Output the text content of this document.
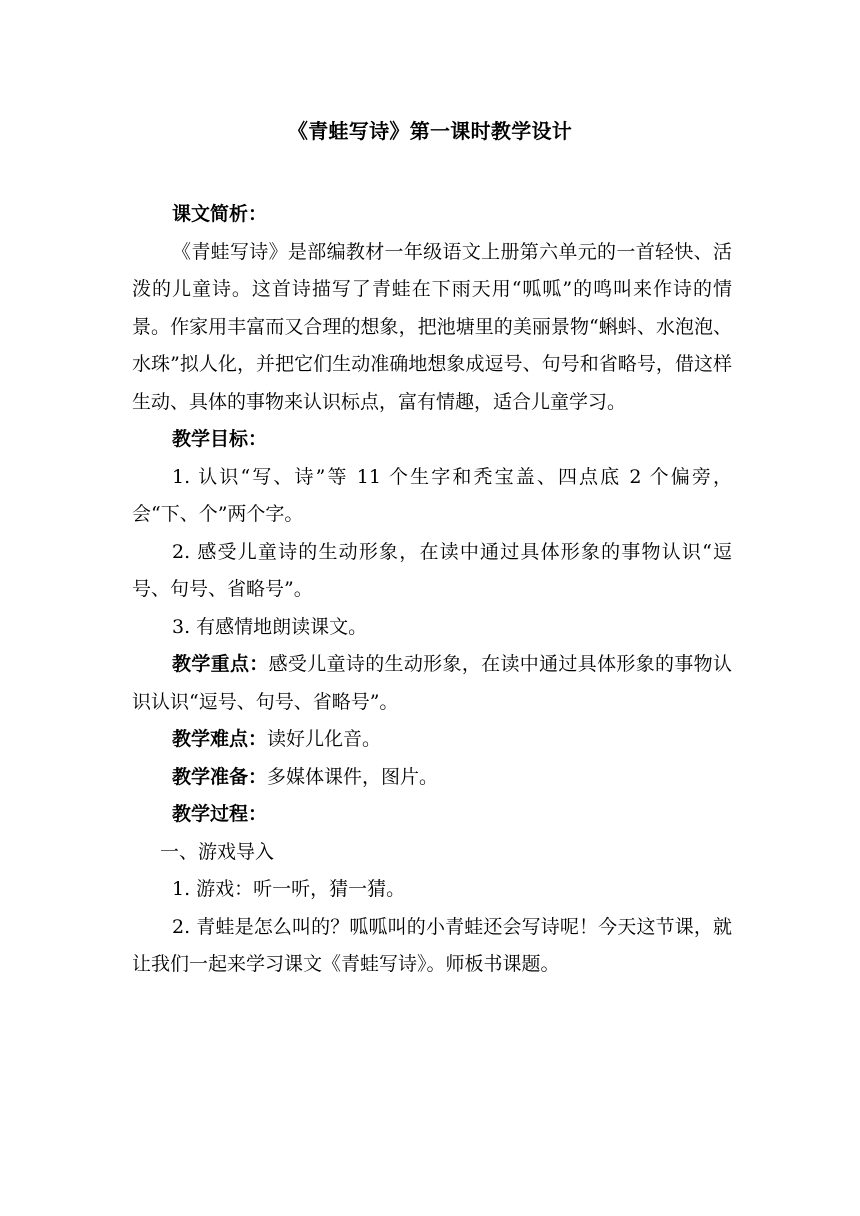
《青蛙写诗》第一课时教学设计

课文简析：

《青蛙写诗》是部编教材一年级语文上册第六单元的一首轻快、活泼的儿童诗。这首诗描写了青蛙在下雨天用“呱呱”的鸣叫来作诗的情景。作家用丰富而又合理的想象，把池塘里的美丽景物“蝌蚪、水泡泡、水珠”拟人化，并把它们生动准确地想象成逗号、句号和省略号，借这样生动、具体的事物来认识标点，富有情趣，适合儿童学习。

教学目标：

1. 认识“写、诗”等 11 个生字和秃宝盖、四点底 2 个偏旁，会“下、个”两个字。

2. 感受儿童诗的生动形象，在读中通过具体形象的事物认识“逗号、句号、省略号”。

3. 有感情地朗读课文。

教学重点：感受儿童诗的生动形象，在读中通过具体形象的事物认识认识“逗号、句号、省略号”。

教学难点：读好儿化音。

教学准备：多媒体课件，图片。

教学过程：

一、游戏导入

1. 游戏：听一听，猜一猜。

2. 青蛙是怎么叫的？呱呱叫的小青蛙还会写诗呢！今天这节课，就让我们一起来学习课文《青蛙写诗》。师板书课题。
